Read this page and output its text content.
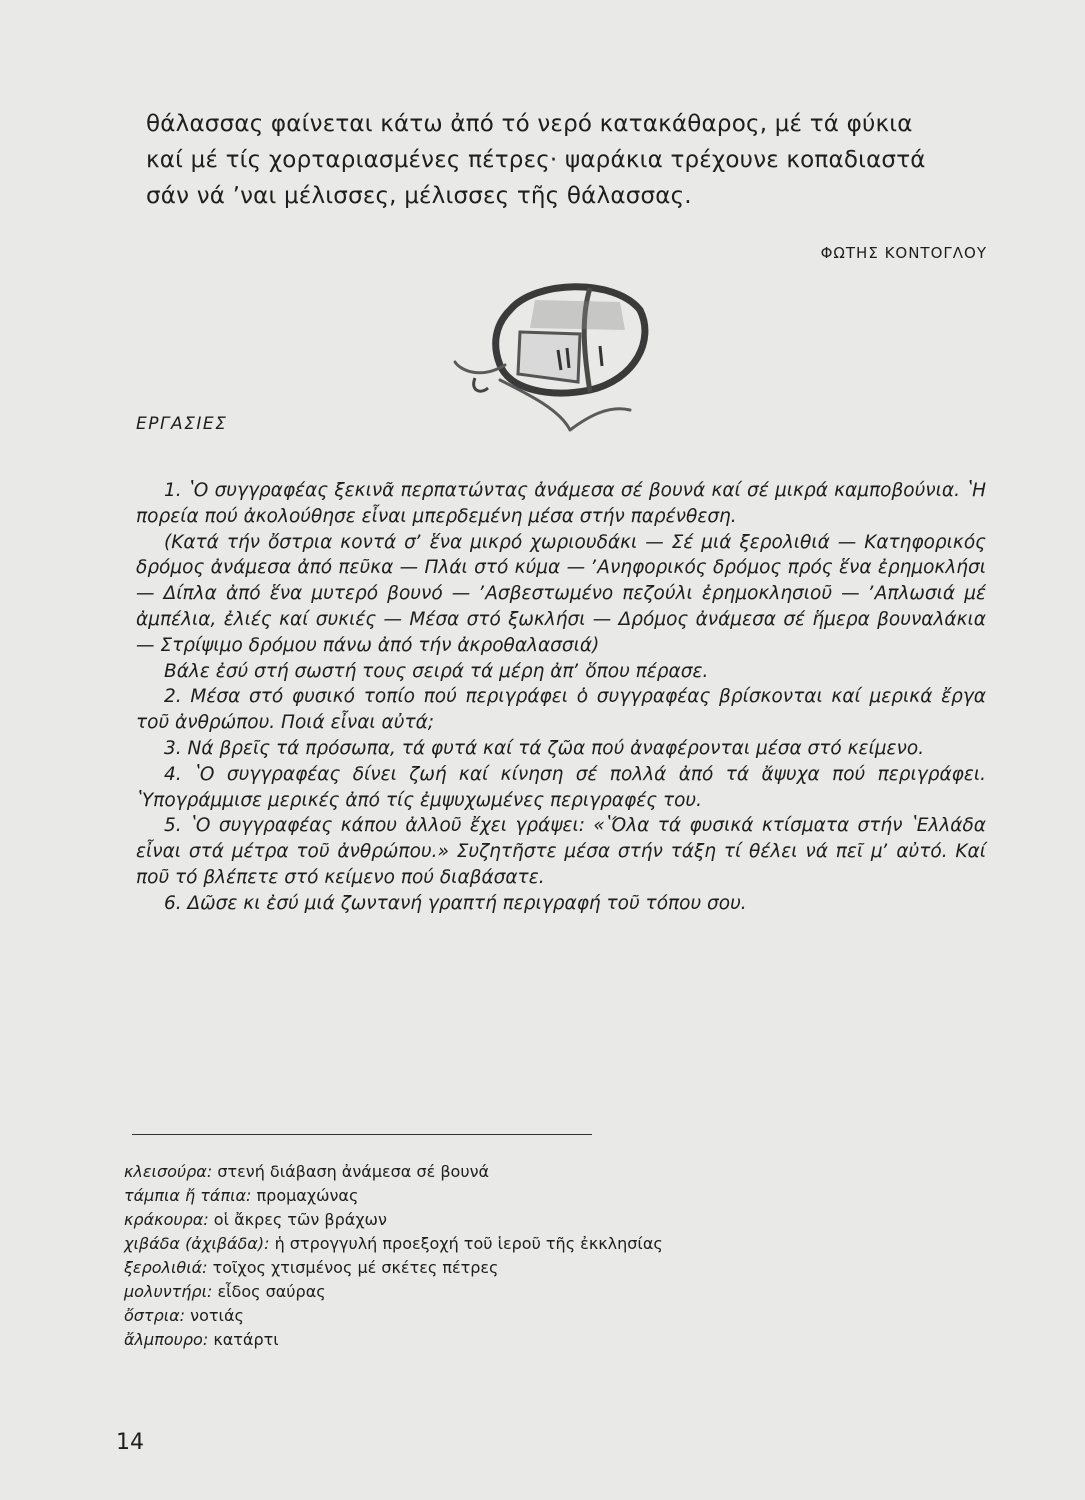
θάλασσας φαίνεται κάτω ἀπό τό νερό κατακάθαρος, μέ τά φύκια

καί μέ τίς χορταριασμένες πέτρες· ψαράκια τρέχουνε κοπαδιαστά

σάν νά ʼναι μέλισσες, μέλισσες τῆς θάλασσας.

ΦΩΤΗΣ ΚΟΝΤΟΓΛΟΥ
ΕΡΓΑΣΙΕΣ

1. ʽΟ συγγραφέας ξεκινᾶ περπατώντας ἀνάμεσα σέ βουνά καί σέ μικρά καμποβούνια. ʽΗ πορεία πού ἀκολούθησε εἶναι μπερδεμένη μέσα στήν παρένθεση.

(Κατά τήν ὄστρια κοντά σʼ ἕνα μικρό χωριουδάκι — Σέ μιά ξερολιθιά — Κατηφορικός δρόμος ἀνάμεσα ἀπό πεῦκα — Πλάι στό κύμα — ʼΑνηφορικός δρόμος πρός ἕνα ἐρημοκλήσι — Δίπλα ἀπό ἕνα μυτερό βουνό — ʼΑσβεστωμένο πεζούλι ἐρημοκλησιοῦ — ʼΑπλωσιά μέ ἀμπέλια, ἐλιές καί συκιές — Μέσα στό ξωκλήσι — Δρόμος ἀνάμεσα σέ ἥμερα βουναλάκια — Στρίψιμο δρόμου πάνω ἀπό τήν ἀκροθαλασσιά)

Βάλε ἐσύ στή σωστή τους σειρά τά μέρη ἀπʼ ὅπου πέρασε.

2. Μέσα στό φυσικό τοπίο πού περιγράφει ὁ συγγραφέας βρίσκονται καί μερικά ἔργα τοῦ ἀνθρώπου. Ποιά εἶναι αὐτά;

3. Νά βρεῖς τά πρόσωπα, τά φυτά καί τά ζῶα πού ἀναφέρονται μέσα στό κείμενο.

4. ʽΟ συγγραφέας δίνει ζωή καί κίνηση σέ πολλά ἀπό τά ἄψυχα πού περιγράφει. ʽΥπογράμμισε μερικές ἀπό τίς ἐμψυχωμένες περιγραφές του.

5. ʽΟ συγγραφέας κάπου ἀλλοῦ ἔχει γράψει: «ʽΌλα τά φυσικά κτίσματα στήν ʽΕλλάδα εἶναι στά μέτρα τοῦ ἀνθρώπου.» Συζητῆστε μέσα στήν τάξη τί θέλει νά πεῖ μʼ αὐτό. Καί ποῦ τό βλέπετε στό κείμενο πού διαβάσατε.

6. Δῶσε κι ἐσύ μιά ζωντανή γραπτή περιγραφή τοῦ τόπου σου.

κλεισούρα: στενή διάβαση ἀνάμεσα σέ βουνά
τάμπια ἤ τάπια: προμαχώνας
κράκουρα: οἱ ἄκρες τῶν βράχων
χιβάδα (ἀχιβάδα): ἡ στρογγυλή προεξοχή τοῦ ἱεροῦ τῆς ἐκκλησίας
ξερολιθιά: τοῖχος χτισμένος μέ σκέτες πέτρες
μολυντήρι: εἶδος σαύρας
ὄστρια: νοτιάς
ἄλμπουρο: κατάρτι
14
